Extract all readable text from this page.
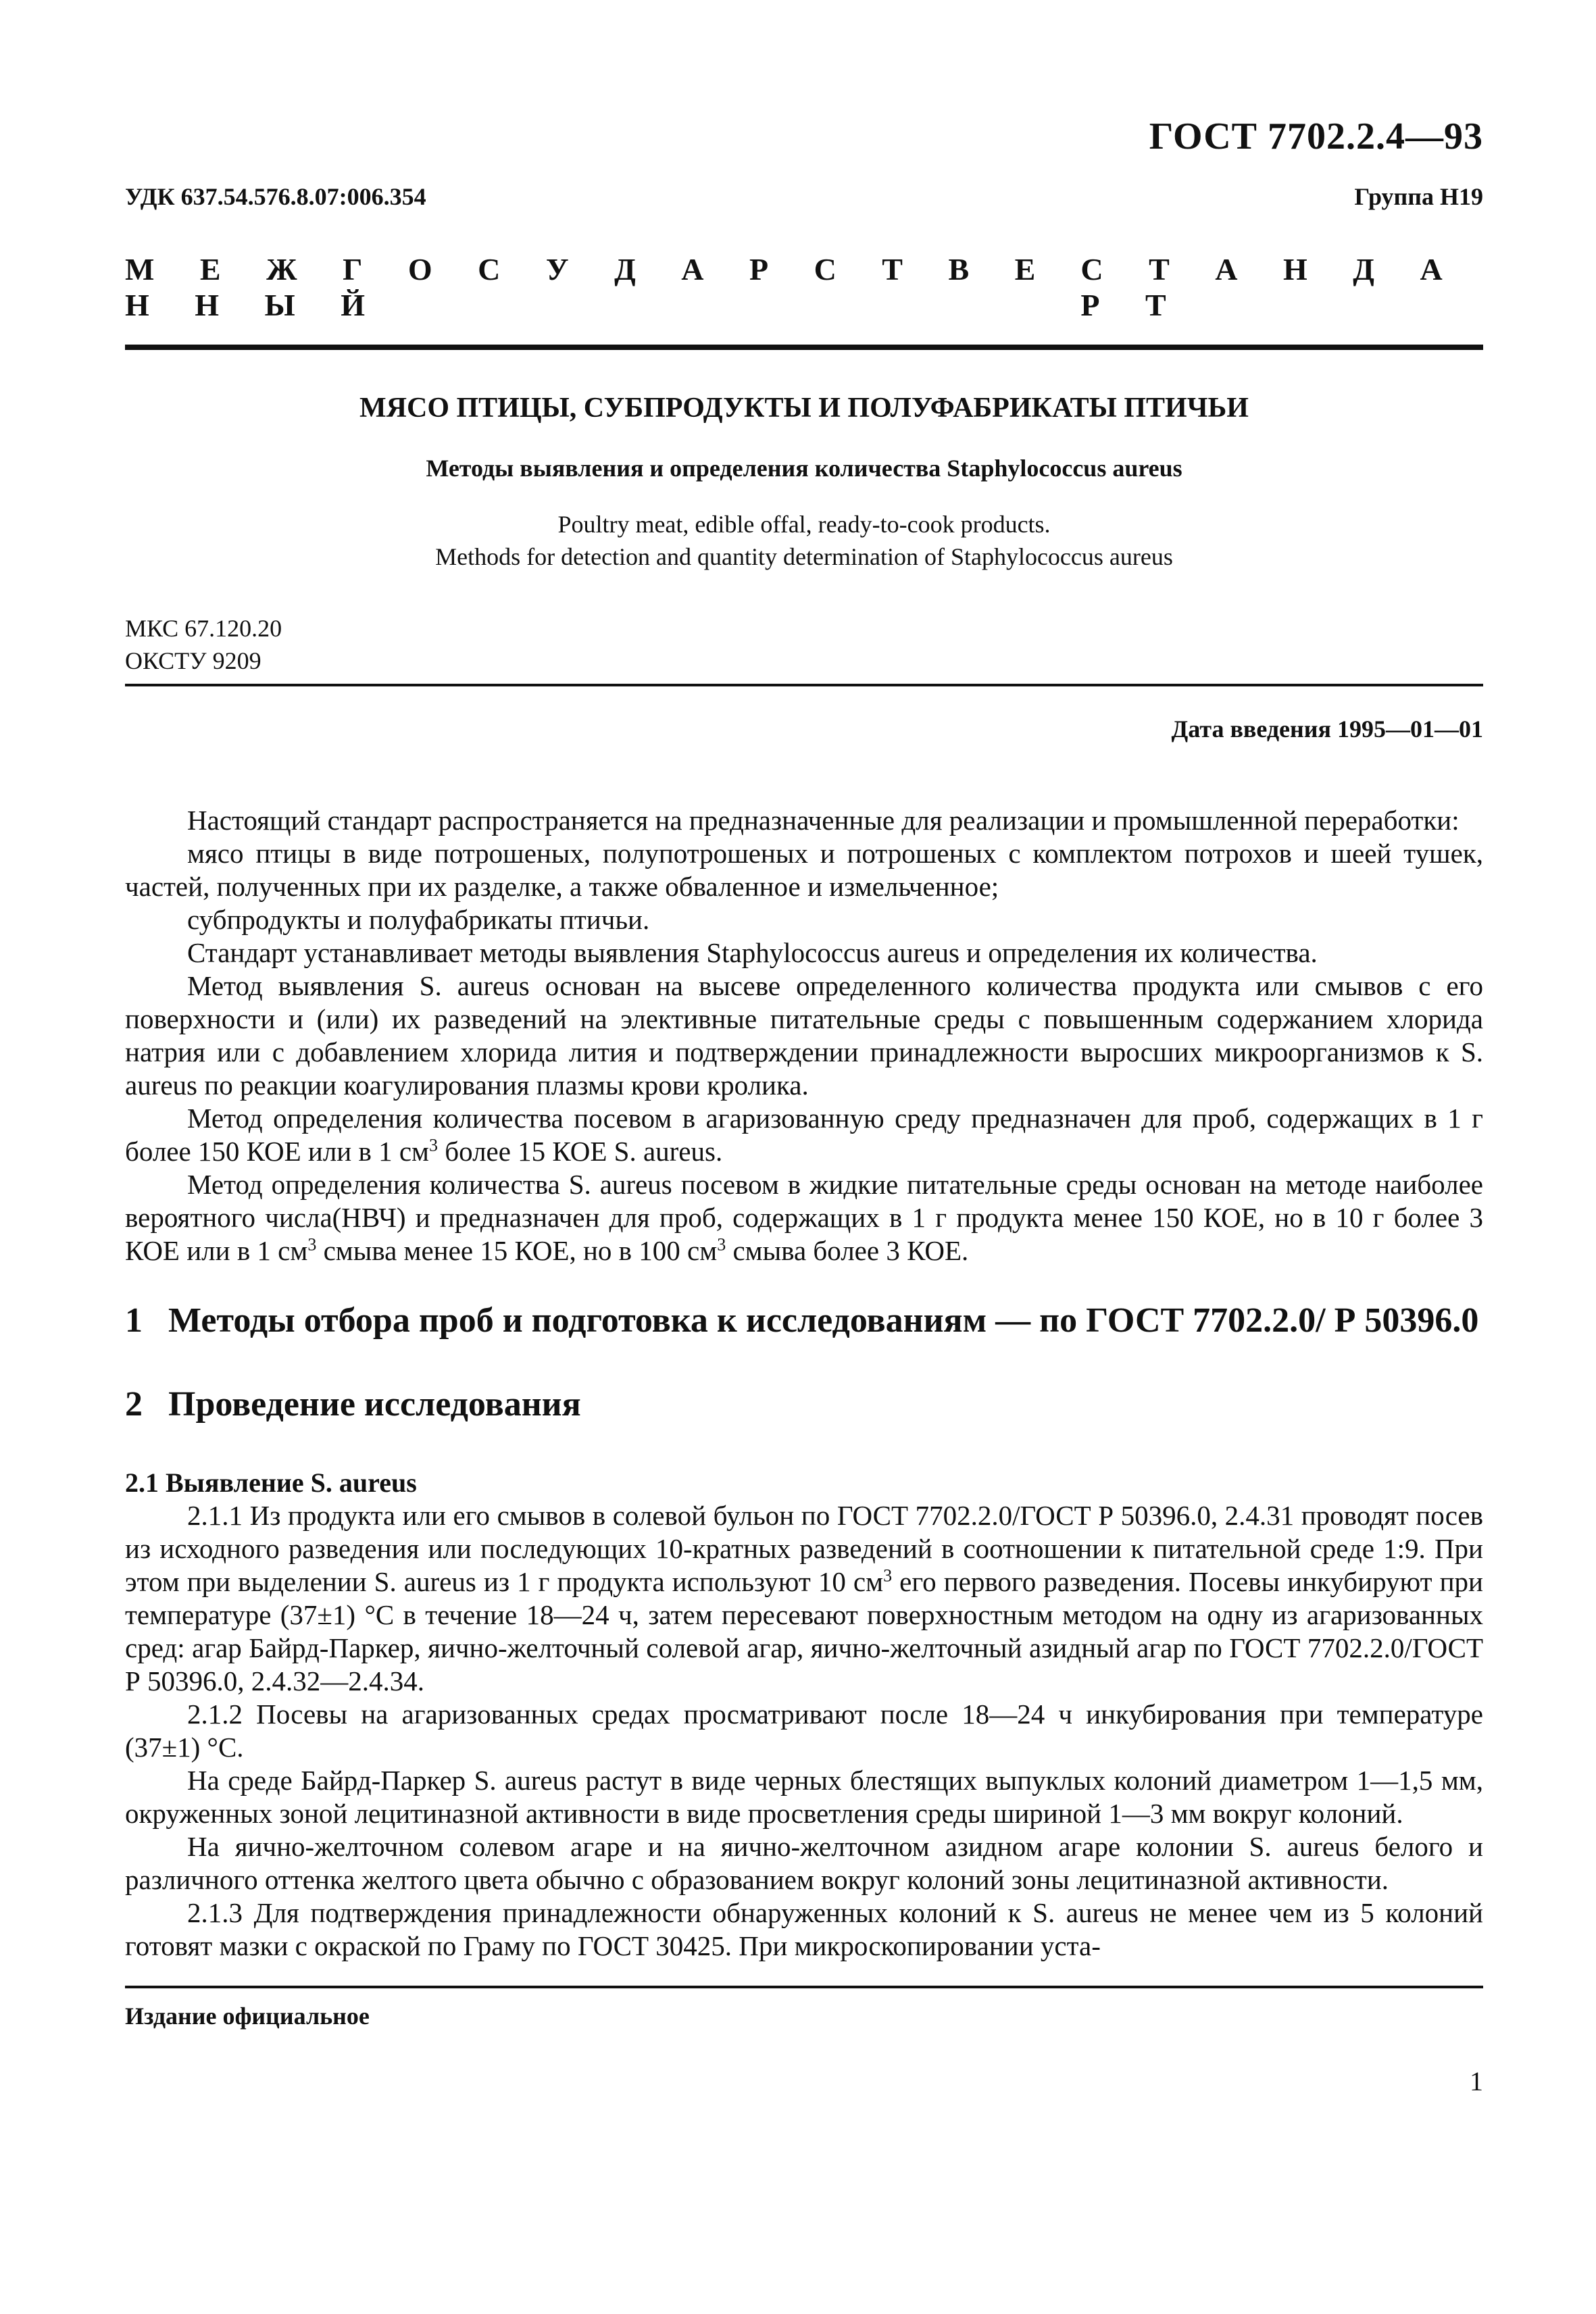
ГОСТ 7702.2.4—93
УДК 637.54.576.8.07:006.354	Группа Н19
М Е Ж Г О С У Д А Р С Т В Е Н Н Ы Й
С Т А Н Д А Р Т
МЯСО ПТИЦЫ, СУБПРОДУКТЫ И ПОЛУФАБРИКАТЫ ПТИЧЬИ
Методы выявления и определения количества Staphylococcus aureus
Poultry meat, edible offal, ready-to-cook products.
Methods for detection and quantity determination of Staphylococcus aureus
МКС 67.120.20
ОКСТУ 9209
Дата введения 1995—01—01

Настоящий стандарт распространяется на предназначенные для реализации и промышленной переработки:

мясо птицы в виде потрошеных, полупотрошеных и потрошеных с комплектом потрохов и шеей тушек, частей, полученных при их разделке, а также обваленное и измельченное;

субпродукты и полуфабрикаты птичьи.

Стандарт устанавливает методы выявления Staphylococcus aureus и определения их количества.

Метод выявления S. aureus основан на высеве определенного количества продукта или смывов с его поверхности и (или) их разведений на элективные питательные среды с повышенным содержанием хлорида натрия или с добавлением хлорида лития и подтверждении принадлежности выросших микроорганизмов к S. aureus по реакции коагулирования плазмы крови кролика.

Метод определения количества посевом в агаризованную среду предназначен для проб, содержащих в 1 г более 150 КОЕ или в 1 $см^3$ более 15 КОЕ S. aureus.

Метод определения количества S. aureus посевом в жидкие питательные среды основан на методе наиболее вероятного числа(НВЧ) и предназначен для проб, содержащих в 1 г продукта менее 150 КОЕ, но в 10 г более 3 КОЕ или в 1 $см^3$ смыва менее 15 КОЕ, но в 100 $см^3$ смыва более 3 КОЕ.

1 Методы отбора проб и подготовка к исследованиям — по ГОСТ 7702.2.0/ Р 50396.0
2 Проведение исследования
2.1 Выявление S. aureus

2.1.1 Из продукта или его смывов в солевой бульон по ГОСТ 7702.2.0/ГОСТ Р 50396.0, 2.4.31 проводят посев из исходного разведения или последующих 10-кратных разведений в соотношении к питательной среде 1:9. При этом при выделении S. aureus из 1 г продукта используют 10 $см^3$ его первого разведения. Посевы инкубируют при температуре (37±1) °С в течение 18—24 ч, затем пересевают поверхностным методом на одну из агаризованных сред: агар Байрд-Паркер, яично-желточный солевой агар, яично-желточный азидный агар по ГОСТ 7702.2.0/ГОСТ Р 50396.0, 2.4.32—2.4.34.

2.1.2 Посевы на агаризованных средах просматривают после 18—24 ч инкубирования при температуре (37±1) °С.

На среде Байрд-Паркер S. aureus растут в виде черных блестящих выпуклых колоний диаметром 1—1,5 мм, окруженных зоной лецитиназной активности в виде просветления среды шириной 1—3 мм вокруг колоний.

На яично-желточном солевом агаре и на яично-желточном азидном агаре колонии S. aureus белого и различного оттенка желтого цвета обычно с образованием вокруг колоний зоны лецитиназной активности.

2.1.3 Для подтверждения принадлежности обнаруженных колоний к S. aureus не менее чем из 5 колоний готовят мазки с окраской по Граму по ГОСТ 30425. При микроскопировании уста-

Издание официальное
1
